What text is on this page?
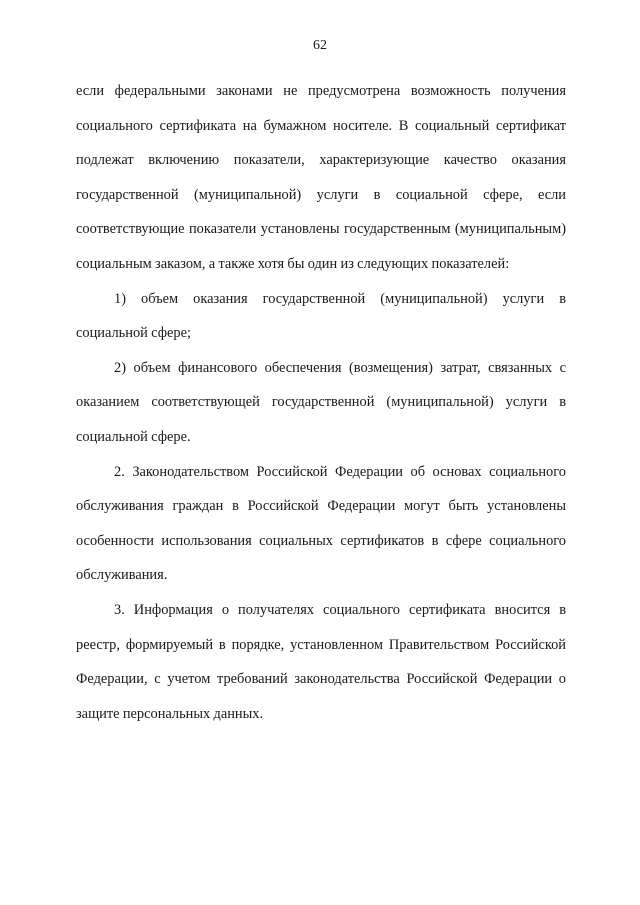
62

если федеральными законами не предусмотрена возможность получения социального сертификата на бумажном носителе. В социальный сертификат подлежат включению показатели, характеризующие качество оказания государственной (муниципальной) услуги в социальной сфере, если соответствующие показатели установлены государственным (муниципальным) социальным заказом, а также хотя бы один из следующих показателей:

1) объем оказания государственной (муниципальной) услуги в социальной сфере;

2) объем финансового обеспечения (возмещения) затрат, связанных с оказанием соответствующей государственной (муниципальной) услуги в социальной сфере.

2. Законодательством Российской Федерации об основах социального обслуживания граждан в Российской Федерации могут быть установлены особенности использования социальных сертификатов в сфере социального обслуживания.

3. Информация о получателях социального сертификата вносится в реестр, формируемый в порядке, установленном Правительством Российской Федерации, с учетом требований законодательства Российской Федерации о защите персональных данных.
